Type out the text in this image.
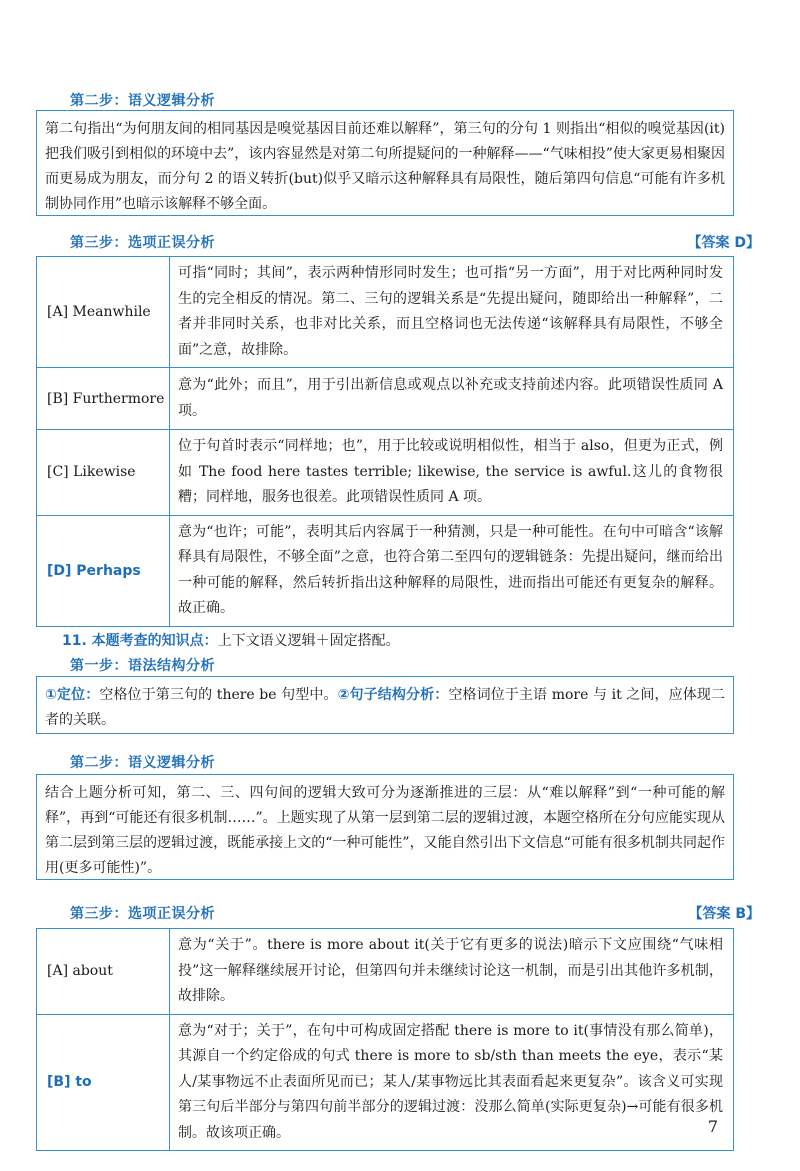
第二步：语义逻辑分析

第二句指出“为何朋友间的相同基因是嗅觉基因目前还难以解释”，第三句的分句 1 则指出“相似的嗅觉基因(it)把我们吸引到相似的环境中去”，该内容显然是对第二句所提疑问的一种解释——“气味相投”使大家更易相聚因而更易成为朋友，而分句 2 的语义转折(but)似乎又暗示这种解释具有局限性，随后第四句信息“可能有许多机制协同作用”也暗示该解释不够全面。

第三步：选项正误分析	【答案 D】
[A] Meanwhile	可指“同时；其间”，表示两种情形同时发生；也可指“另一方面”，用于对比两种同时发生的完全相反的情况。第二、三句的逻辑关系是“先提出疑问，随即给出一种解释”，二者并非同时关系，也非对比关系，而且空格词也无法传递“该解释具有局限性，不够全面”之意，故排除。
[B] Furthermore	意为“此外；而且”，用于引出新信息或观点以补充或支持前述内容。此项错误性质同 A 项。
[C] Likewise	位于句首时表示“同样地；也”，用于比较或说明相似性，相当于 also，但更为正式，例如 The food here tastes terrible; likewise, the service is awful.这儿的食物很糟；同样地，服务也很差。此项错误性质同 A 项。
[D] Perhaps	意为“也许；可能”，表明其后内容属于一种猜测，只是一种可能性。在句中可暗含“该解释具有局限性，不够全面”之意，也符合第二至四句的逻辑链条：先提出疑问，继而给出一种可能的解释，然后转折指出这种解释的局限性，进而指出可能还有更复杂的解释。故正确。
11. 本题考查的知识点：上下文语义逻辑＋固定搭配。
第一步：语法结构分析

①定位：空格位于第三句的 there be 句型中。②句子结构分析：空格词位于主语 more 与 it 之间，应体现二者的关联。

第二步：语义逻辑分析

结合上题分析可知，第二、三、四句间的逻辑大致可分为逐渐推进的三层：从“难以解释”到“一种可能的解释”，再到“可能还有很多机制……”。上题实现了从第一层到第二层的逻辑过渡，本题空格所在分句应能实现从第二层到第三层的逻辑过渡，既能承接上文的“一种可能性”，又能自然引出下文信息“可能有很多机制共同起作用(更多可能性)”。

第三步：选项正误分析	【答案 B】
[A] about	意为“关于”。there is more about it(关于它有更多的说法)暗示下文应围绕“气味相投”这一解释继续展开讨论，但第四句并未继续讨论这一机制，而是引出其他许多机制，故排除。
[B] to	意为“对于；关于”，在句中可构成固定搭配 there is more to it(事情没有那么简单)，其源自一个约定俗成的句式 there is more to sb/sth than meets the eye，表示“某人/某事物远不止表面所见而已；某人/某事物远比其表面看起来更复杂”。该含义可实现第三句后半部分与第四句前半部分的逻辑过渡：没那么简单(实际更复杂)→可能有很多机制。故该项正确。	7
